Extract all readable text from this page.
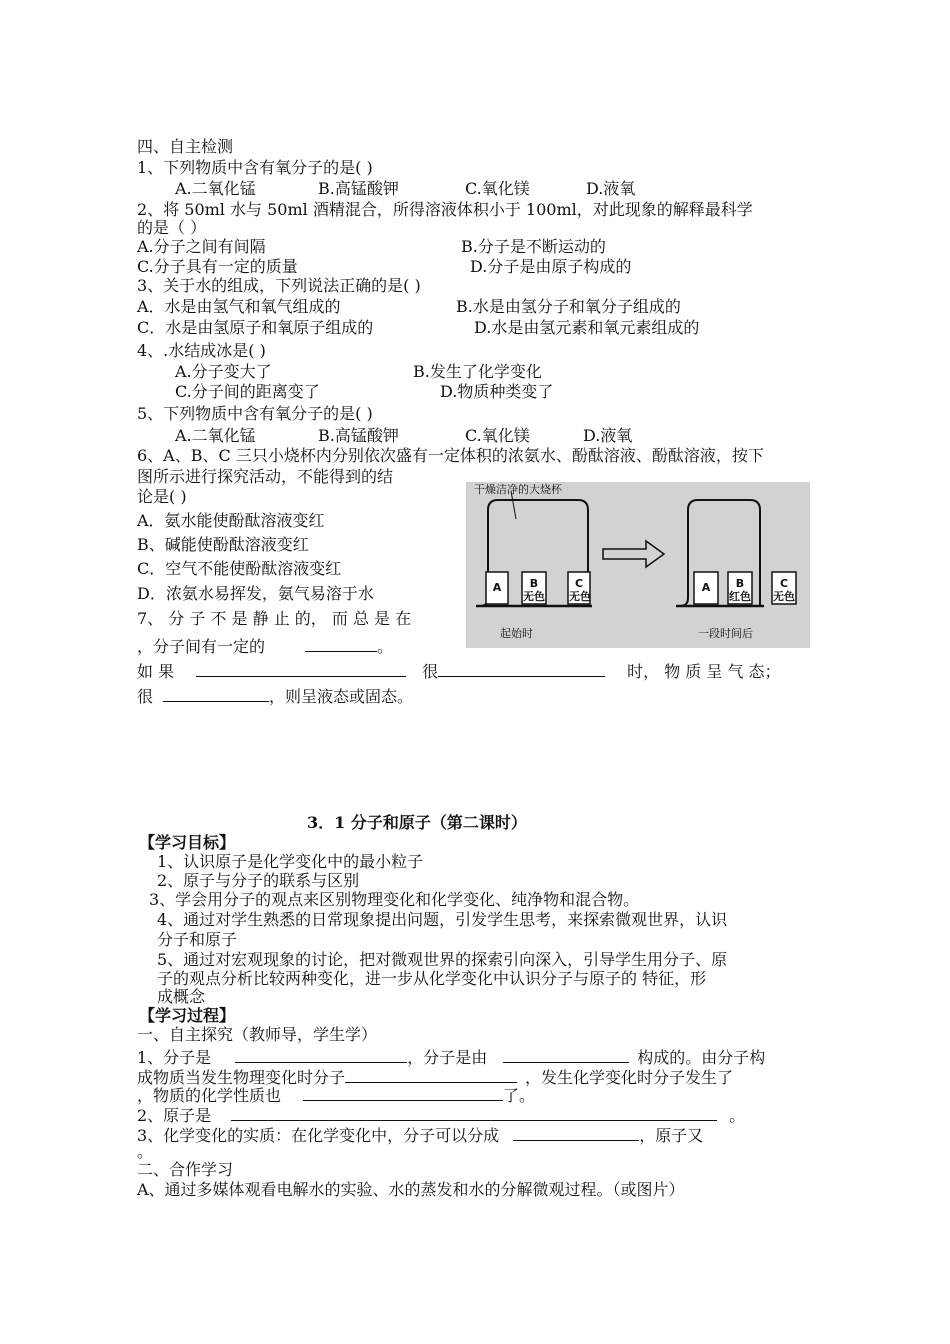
四、自主检测
1、下列物质中含有氧分子的是( )
A.二氧化锰	B.高锰酸钾	C.氧化镁	D.液氧
2、将 50ml 水与 50ml 酒精混合，所得溶液体积小于 100ml，对此现象的解释最科学
的是（ ）
A.分子之间有间隔	B.分子是不断运动的
C.分子具有一定的质量	D.分子是由原子构成的
3、关于水的组成，下列说法正确的是( )
A．水是由氢气和氧气组成的	B.水是由氢分子和氧分子组成的
C．水是由氢原子和氧原子组成的	D.水是由氢元素和氧元素组成的
4、.水结成冰是( )
A.分子变大了	B.发生了化学变化
C.分子间的距离变了	D.物质种类变了
5、下列物质中含有氧分子的是( )
A.二氧化锰	B.高锰酸钾	C.氧化镁	D.液氧
6、A、B、C 三只小烧杯内分别依次盛有一定体积的浓氨水、酚酞溶液、酚酞溶液，按下
图所示进行探究活动，不能得到的结
论是( )
A．氨水能使酚酞溶液变红
B、碱能使酚酞溶液变红
C．空气不能使酚酞溶液变红
D．浓氨水易挥发，氨气易溶于水
7、 分 子 不 是 静 止 的， 而 总 是 在
，分子间有一定的	。
如 果	很	时， 物 质 呈 气 态；
很	，则呈液态或固态。
干燥洁净的大烧杯
A	B
无色
C
无色
A	B
红色
C
无色
起始时	一段时间后
3．1 分子和原子（第二课时）
【学习目标】
1、认识原子是化学变化中的最小粒子
2、原子与分子的联系与区别
3、学会用分子的观点来区别物理变化和化学变化、纯净物和混合物。
4、通过对学生熟悉的日常现象提出问题，引发学生思考，来探索微观世界，认识
分子和原子
5、通过对宏观现象的讨论，把对微观世界的探索引向深入，引导学生用分子、原
子的观点分析比较两种变化，进一步从化学变化中认识分子与原子的 特征，形
成概念
【学习过程】
一、自主探究（教师导，学生学）
1、分子是	，分子是由	构成的。由分子构
成物质当发生物理变化时分子	，发生化学变化时分子发生了
，物质的化学性质也	了。
2、原子是	。
3、化学变化的实质：在化学变化中，分子可以分成	，原子又
。
二、合作学习
A、通过多媒体观看电解水的实验、水的蒸发和水的分解微观过程。（或图片）
